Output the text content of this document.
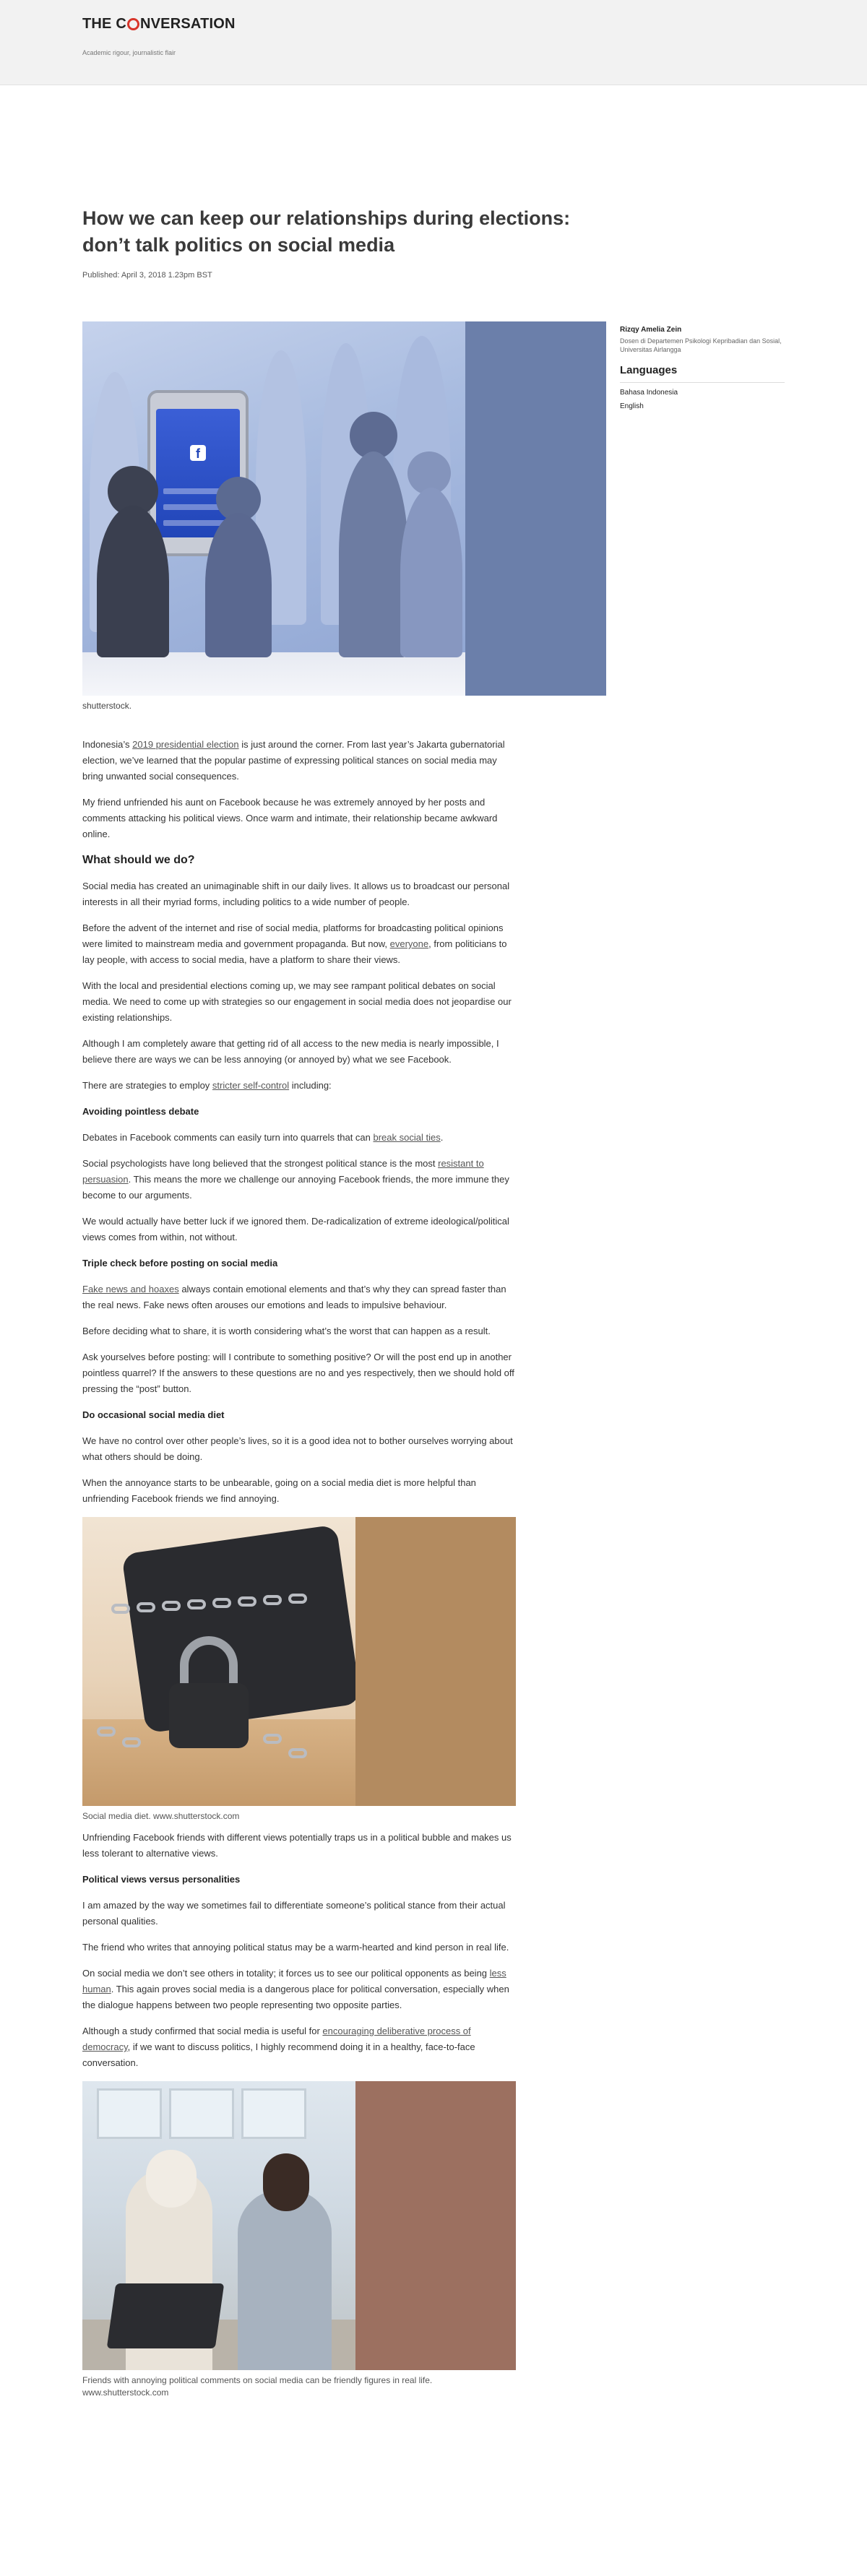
THE C NVERSATION
Academic rigour, journalistic flair
How we can keep our relationships during elections: don’t talk politics on social media
Published: April 3, 2018 1.23pm BST
f
shutterstock.
Rizqy Amelia Zein
Dosen di Departemen Psikologi Kepribadian dan Sosial, Universitas Airlangga
Languages
Bahasa Indonesia
English

Indonesia’s 2019 presidential election is just around the corner. From last year’s Jakarta gubernatorial election, we’ve learned that the popular pastime of expressing political stances on social media may bring unwanted social consequences.

My friend unfriended his aunt on Facebook because he was extremely annoyed by her posts and comments attacking his political views. Once warm and intimate, their relationship became awkward online.

What should we do?

Social media has created an unimaginable shift in our daily lives. It allows us to broadcast our personal interests in all their myriad forms, including politics to a wide number of people.

Before the advent of the internet and rise of social media, platforms for broadcasting political opinions were limited to mainstream media and government propaganda. But now, everyone, from politicians to lay people, with access to social media, have a platform to share their views.

With the local and presidential elections coming up, we may see rampant political debates on social media. We need to come up with strategies so our engagement in social media does not jeopardise our existing relationships.

Although I am completely aware that getting rid of all access to the new media is nearly impossible, I believe there are ways we can be less annoying (or annoyed by) what we see Facebook.

There are strategies to employ stricter self-control including:

Avoiding pointless debate

Debates in Facebook comments can easily turn into quarrels that can break social ties.

Social psychologists have long believed that the strongest political stance is the most resistant to persuasion. This means the more we challenge our annoying Facebook friends, the more immune they become to our arguments.

We would actually have better luck if we ignored them. De-radicalization of extreme ideological/political views comes from within, not without.

Triple check before posting on social media

Fake news and hoaxes always contain emotional elements and that’s why they can spread faster than the real news. Fake news often arouses our emotions and leads to impulsive behaviour.

Before deciding what to share, it is worth considering what’s the worst that can happen as a result.

Ask yourselves before posting: will I contribute to something positive? Or will the post end up in another pointless quarrel? If the answers to these questions are no and yes respectively, then we should hold off pressing the “post” button.

Do occasional social media diet

We have no control over other people’s lives, so it is a good idea not to bother ourselves worrying about what others should be doing.

When the annoyance starts to be unbearable, going on a social media diet is more helpful than unfriending Facebook friends we find annoying.

Social media diet. www.shutterstock.com

Unfriending Facebook friends with different views potentially traps us in a political bubble and makes us less tolerant to alternative views.

Political views versus personalities

I am amazed by the way we sometimes fail to differentiate someone’s political stance from their actual personal qualities.

The friend who writes that annoying political status may be a warm-hearted and kind person in real life.

On social media we don’t see others in totality; it forces us to see our political opponents as being less human. This again proves social media is a dangerous place for political conversation, especially when the dialogue happens between two people representing two opposite parties.

Although a study confirmed that social media is useful for encouraging deliberative process of democracy, if we want to discuss politics, I highly recommend doing it in a healthy, face-to-face conversation.

Friends with annoying political comments on social media can be friendly figures in real life. www.shutterstock.com
